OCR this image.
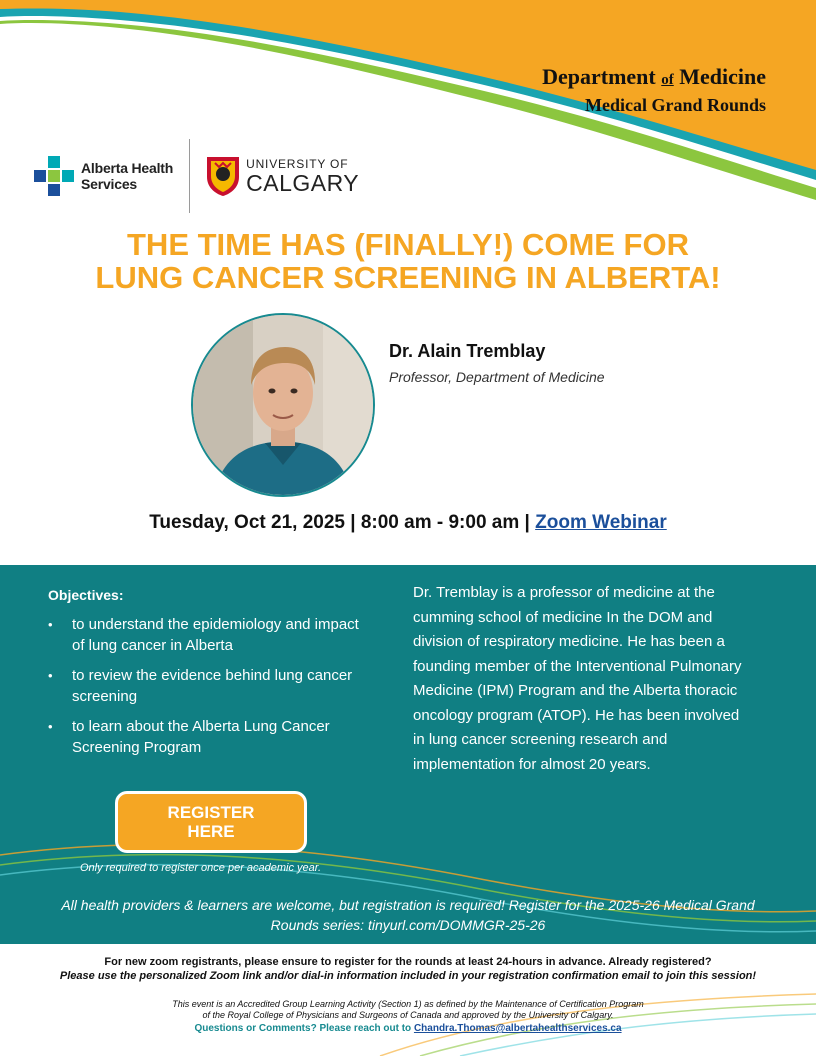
Department of Medicine
Medical Grand Rounds
Alberta Health
Services
UNIVERSITY OF
CALGARY
THE TIME HAS (FINALLY!) COME FOR
LUNG CANCER SCREENING IN ALBERTA!
Dr. Alain Tremblay
Professor, Department of Medicine
Tuesday, Oct 21, 2025 | 8:00 am - 9:00 am | Zoom Webinar
Objectives:
• to understand the epidemiology and impact of lung cancer in Alberta
• to review the evidence behind lung cancer screening
• to learn about the Alberta Lung Cancer Screening Program
Dr. Tremblay is a professor of medicine at the cumming school of medicine In the DOM and division of respiratory medicine. He has been a founding member of the Interventional Pulmonary Medicine (IPM) Program and the Alberta thoracic oncology program (ATOP). He has been involved in lung cancer screening research and implementation for almost 20 years.
REGISTER HERE
Only required to register once per academic year.
All health providers & learners are welcome, but registration is required! Register for the 2025-26 Medical Grand Rounds series: tinyurl.com/DOMMGR-25-26
For new zoom registrants, please ensure to register for the rounds at least 24-hours in advance. Already registered?
Please use the personalized Zoom link and/or dial-in information included in your registration confirmation email to join this session!
This event is an Accredited Group Learning Activity (Section 1) as defined by the Maintenance of Certification Program
of the Royal College of Physicians and Surgeons of Canada and approved by the University of Calgary.
Questions or Comments? Please reach out to Chandra.Thomas@albertahealthservices.ca
